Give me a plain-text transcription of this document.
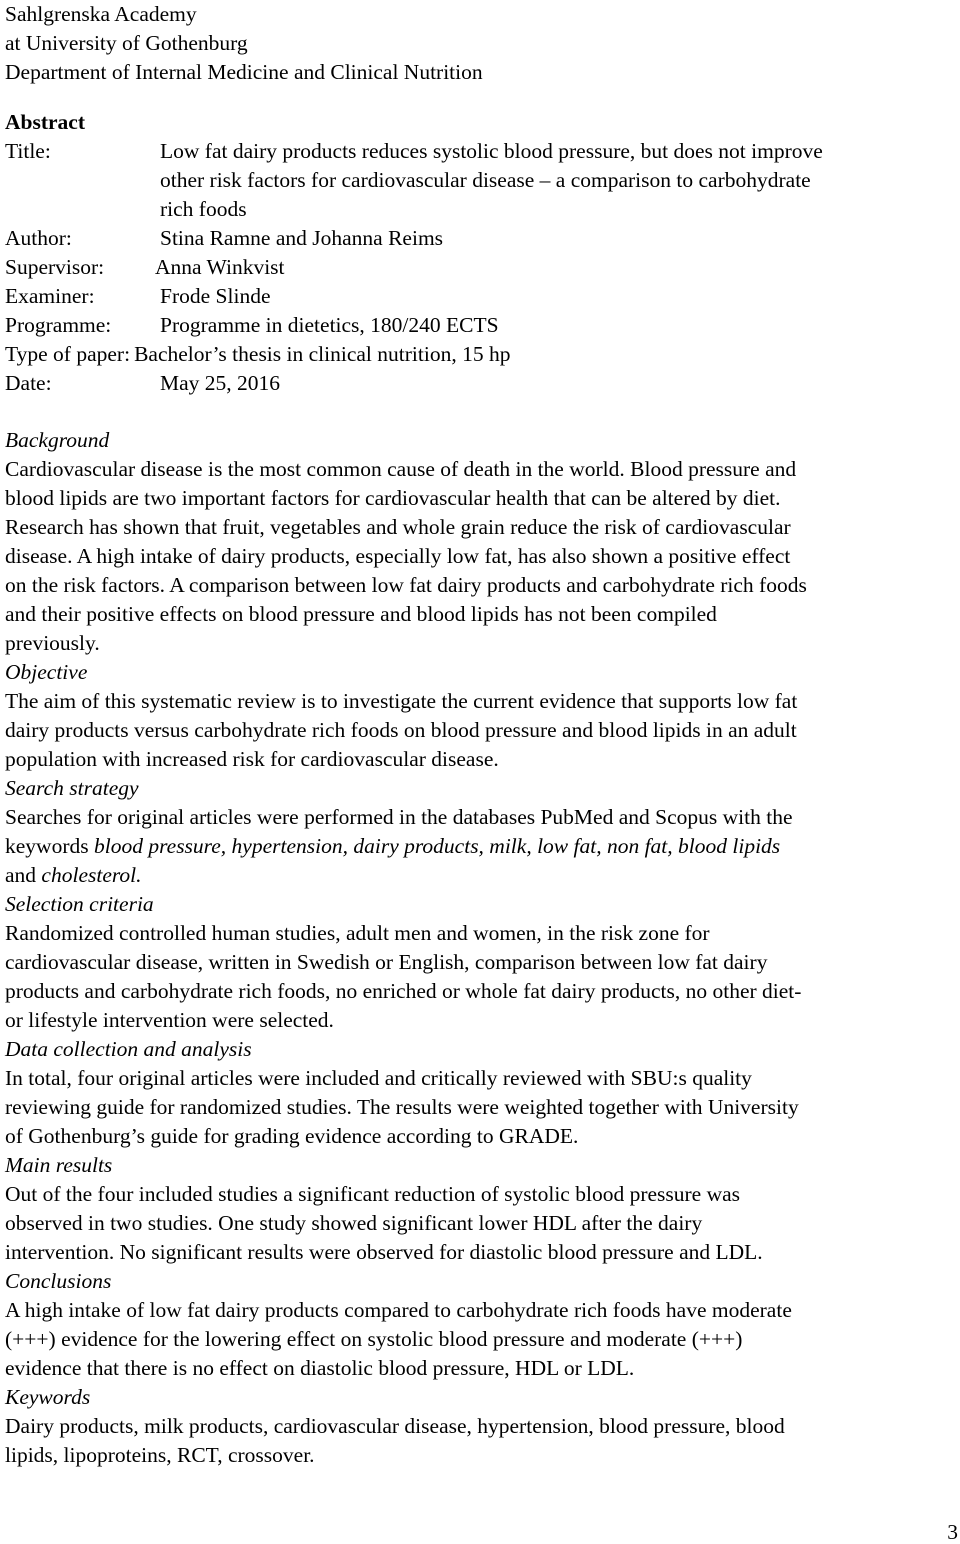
Sahlgrenska Academy
at University of Gothenburg
Department of Internal Medicine and Clinical Nutrition
Abstract
Title:	Low fat dairy products reduces systolic blood pressure, but does not improve
other risk factors for cardiovascular disease – a comparison to carbohydrate
rich foods
Author:	Stina Ramne and Johanna Reims
Supervisor:	Anna Winkvist
Examiner:	Frode Slinde
Programme:	Programme in dietetics, 180/240 ECTS
Type of paper: Bachelor’s thesis in clinical nutrition, 15 hp
Date:	May 25, 2016
Background
Cardiovascular disease is the most common cause of death in the world. Blood pressure and
blood lipids are two important factors for cardiovascular health that can be altered by diet.
Research has shown that fruit, vegetables and whole grain reduce the risk of cardiovascular
disease. A high intake of dairy products, especially low fat, has also shown a positive effect
on the risk factors. A comparison between low fat dairy products and carbohydrate rich foods
and their positive effects on blood pressure and blood lipids has not been compiled
previously.
Objective
The aim of this systematic review is to investigate the current evidence that supports low fat
dairy products versus carbohydrate rich foods on blood pressure and blood lipids in an adult
population with increased risk for cardiovascular disease.
Search strategy
Searches for original articles were performed in the databases PubMed and Scopus with the
keywords blood pressure, hypertension, dairy products, milk, low fat, non fat, blood lipids
and cholesterol.
Selection criteria
Randomized controlled human studies, adult men and women, in the risk zone for
cardiovascular disease, written in Swedish or English, comparison between low fat dairy
products and carbohydrate rich foods, no enriched or whole fat dairy products, no other diet-
or lifestyle intervention were selected.
Data collection and analysis
In total, four original articles were included and critically reviewed with SBU:s quality
reviewing guide for randomized studies. The results were weighted together with University
of Gothenburg’s guide for grading evidence according to GRADE.
Main results
Out of the four included studies a significant reduction of systolic blood pressure was
observed in two studies. One study showed significant lower HDL after the dairy
intervention. No significant results were observed for diastolic blood pressure and LDL.
Conclusions
A high intake of low fat dairy products compared to carbohydrate rich foods have moderate
(+++) evidence for the lowering effect on systolic blood pressure and moderate (+++)
evidence that there is no effect on diastolic blood pressure, HDL or LDL.
Keywords
Dairy products, milk products, cardiovascular disease, hypertension, blood pressure, blood
lipids, lipoproteins, RCT, crossover.
3
